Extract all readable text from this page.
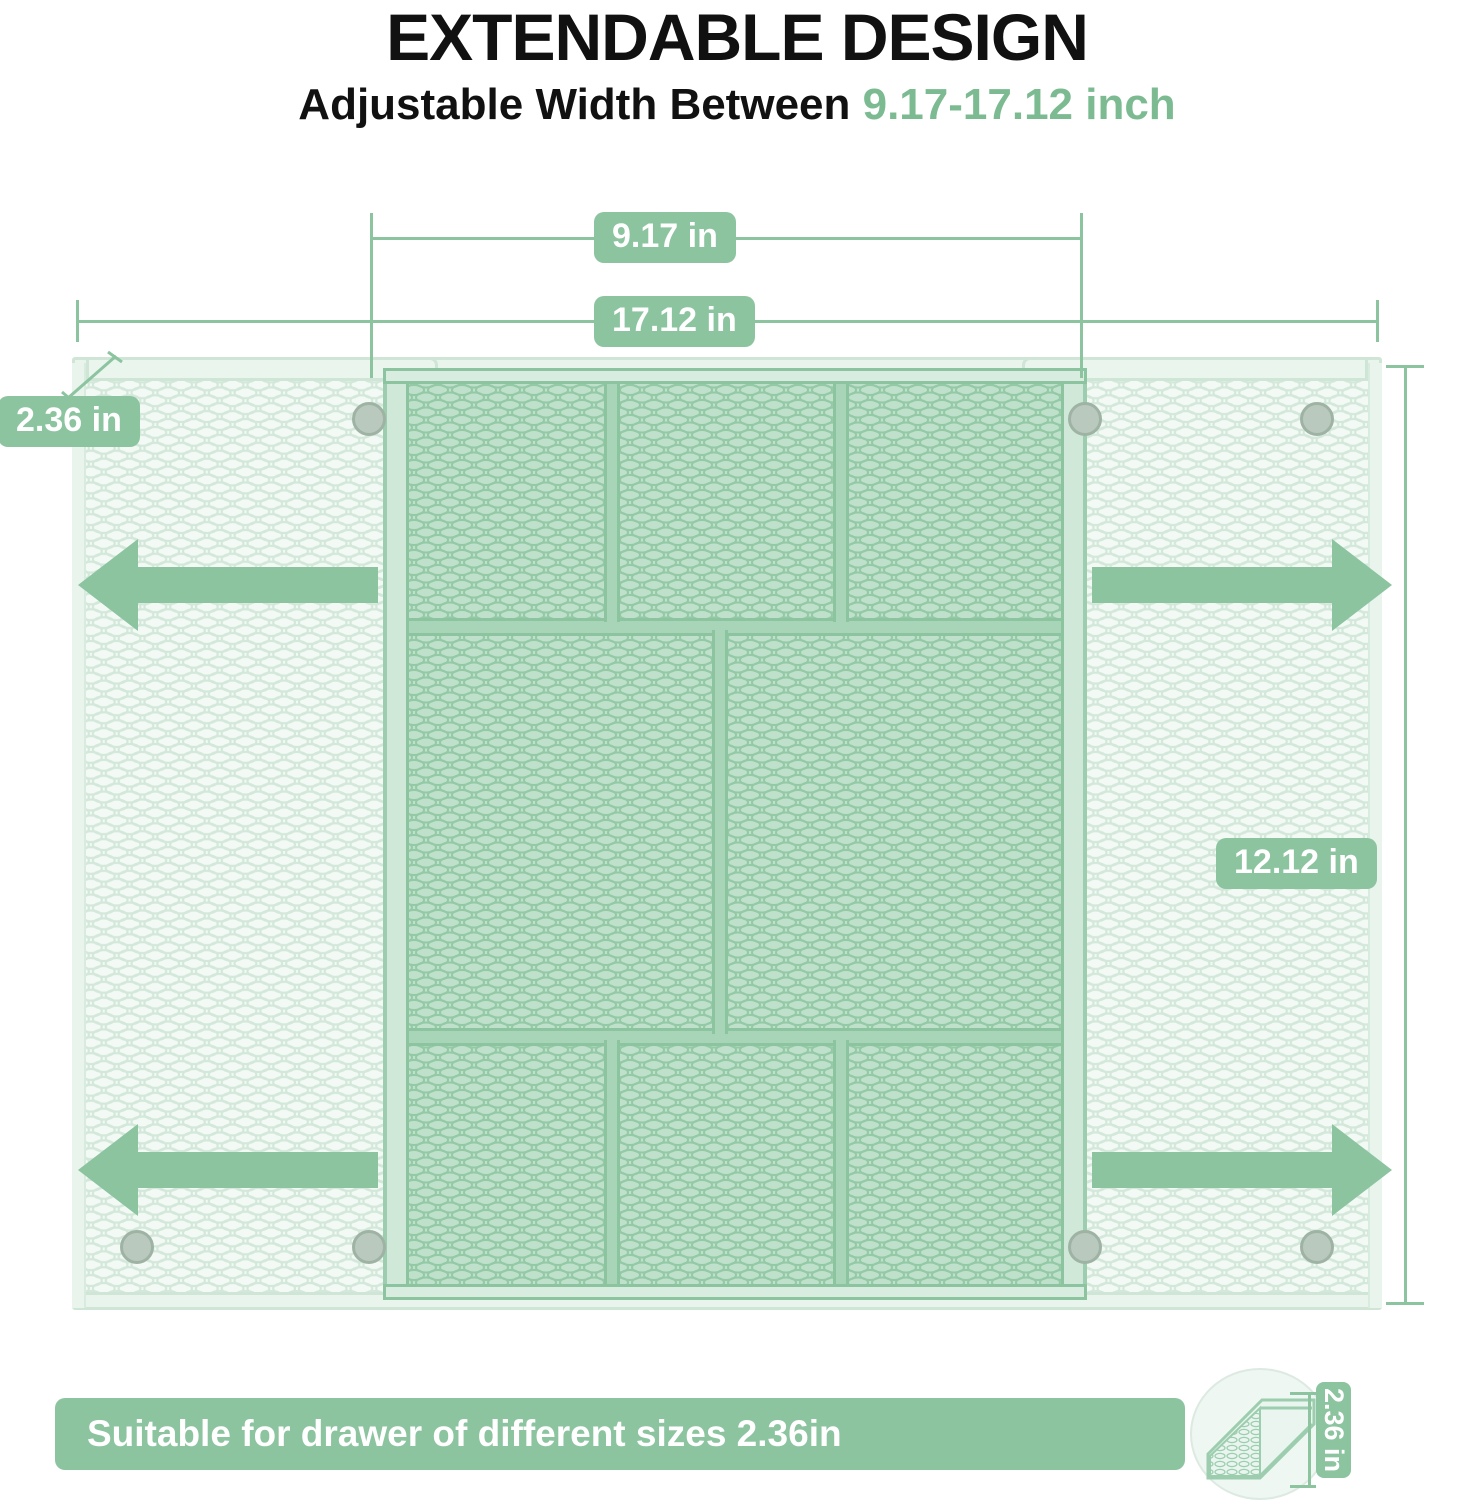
EXTENDABLE DESIGN
Adjustable Width Between 9.17-17.12 inch
9.17 in
17.12 in
2.36 in
12.12 in
Suitable for drawer of different sizes 2.36in	2.36 in
